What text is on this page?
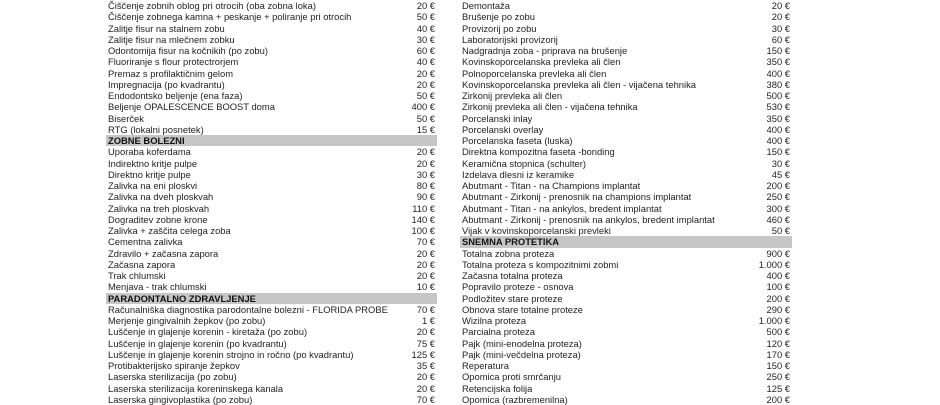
Čiščenje zobnih oblog pri otrocih (oba zobna loka)	20 €
Čiščenje zobnega kamna + peskanje + poliranje pri otrocih	50 €
Zalitje fisur na stalnem zobu	40 €
Zalitje fisur na mlečnem zobku	30 €
Odontomija fisur na kočnikih (po zobu)	60 €
Fluoriranje s flour protectrorjem	40 €
Premaz s profilaktičnim gelom	20 €
Impregnacija (po kvadrantu)	20 €
Endodontsko beljenje (ena faza)	50 €
Beljenje OPALESCENCE BOOST doma	400 €
Biserček	50 €
RTG (lokalni posnetek)	15 €
ZOBNE BOLEZNI
Uporaba koferdama	20 €
Indirektno kritje pulpe	20 €
Direktno kritje pulpe	30 €
Zalivka na eni ploskvi	80 €
Zalivka na dveh ploskvah	90 €
Zalivka na treh ploskvah	110 €
Dograditev zobne krone	140 €
Zalivka + zaščita celega zoba	100 €
Cementna zalivka	70 €
Zdravilo + začasna zapora	20 €
Začasna zapora	20 €
Trak chlumski	20 €
Menjava - trak chlumski	10 €
PARADONTALNO ZDRAVLJENJE
Računalniška diagnostika parodontalne bolezni - FLORIDA PROBE	70 €
Merjenje gingivalnih žepkov (po zobu)	1 €
Luščenje in glajenje korenin - kiretaža (po zobu)	20 €
Luščenje in glajenje korenin (po kvadrantu)	75 €
Luščenje in glajenje korenin strojno in ročno (po kvadrantu)	125 €
Protibakterijsko spiranje žepkov	35 €
Laserska sterilizacija (po zobu)	20 €
Laserska sterilizacija koreninskega kanala	20 €
Laserska gingivoplastika (po zobu)	70 €
Demontaža	20 €
Brušenje po zobu	20 €
Provizorij po zobu	30 €
Laboratorijski provizorij	60 €
Nadgradnja zoba - priprava na brušenje	150 €
Kovinskoporcelanska prevleka ali člen	350 €
Polnoporcelanska prevleka ali člen	400 €
Kovinskoporcelanska prevleka ali člen - vijačena tehnika	380 €
Zirkonij prevleka ali člen	500 €
Zirkonij prevleka ali člen - vijačena tehnika	530 €
Porcelanski inlay	350 €
Porcelanski overlay	400 €
Porcelanska faseta (luska)	400 €
Direktna kompozitna faseta -bonding	150 €
Keramična stopnica (schulter)	30 €
Izdelava dlesni iz keramike	45 €
Abutmant - Titan - na Champions implantat	200 €
Abutmant - Zirkonij - prenosnik na champions implantat	250 €
Abutmant - Titan - na ankylos, bredent implantat	300 €
Abutmant - Zirkonij - prenosnik na ankylos, bredent implantat	460 €
Vijak v kovinskoporcelanski prevleki	50 €
SNEMNA PROTETIKA
Totalna zobna proteza	900 €
Totalna proteza s kompozitnimi zobmi	1.000 €
Začasna totalna proteza	400 €
Popravilo proteze - osnova	100 €
Podložitev stare proteze	200 €
Obnova stare totalne proteze	290 €
Wizilna proteza	1.000 €
Parcialna proteza	500 €
Pajk (mini-enodelna proteza)	120 €
Pajk (mini-večdelna proteza)	170 €
Reperatura	150 €
Opomica proti smrčanju	250 €
Retencijska folija	125 €
Opomica (razbremenilna)	200 €
